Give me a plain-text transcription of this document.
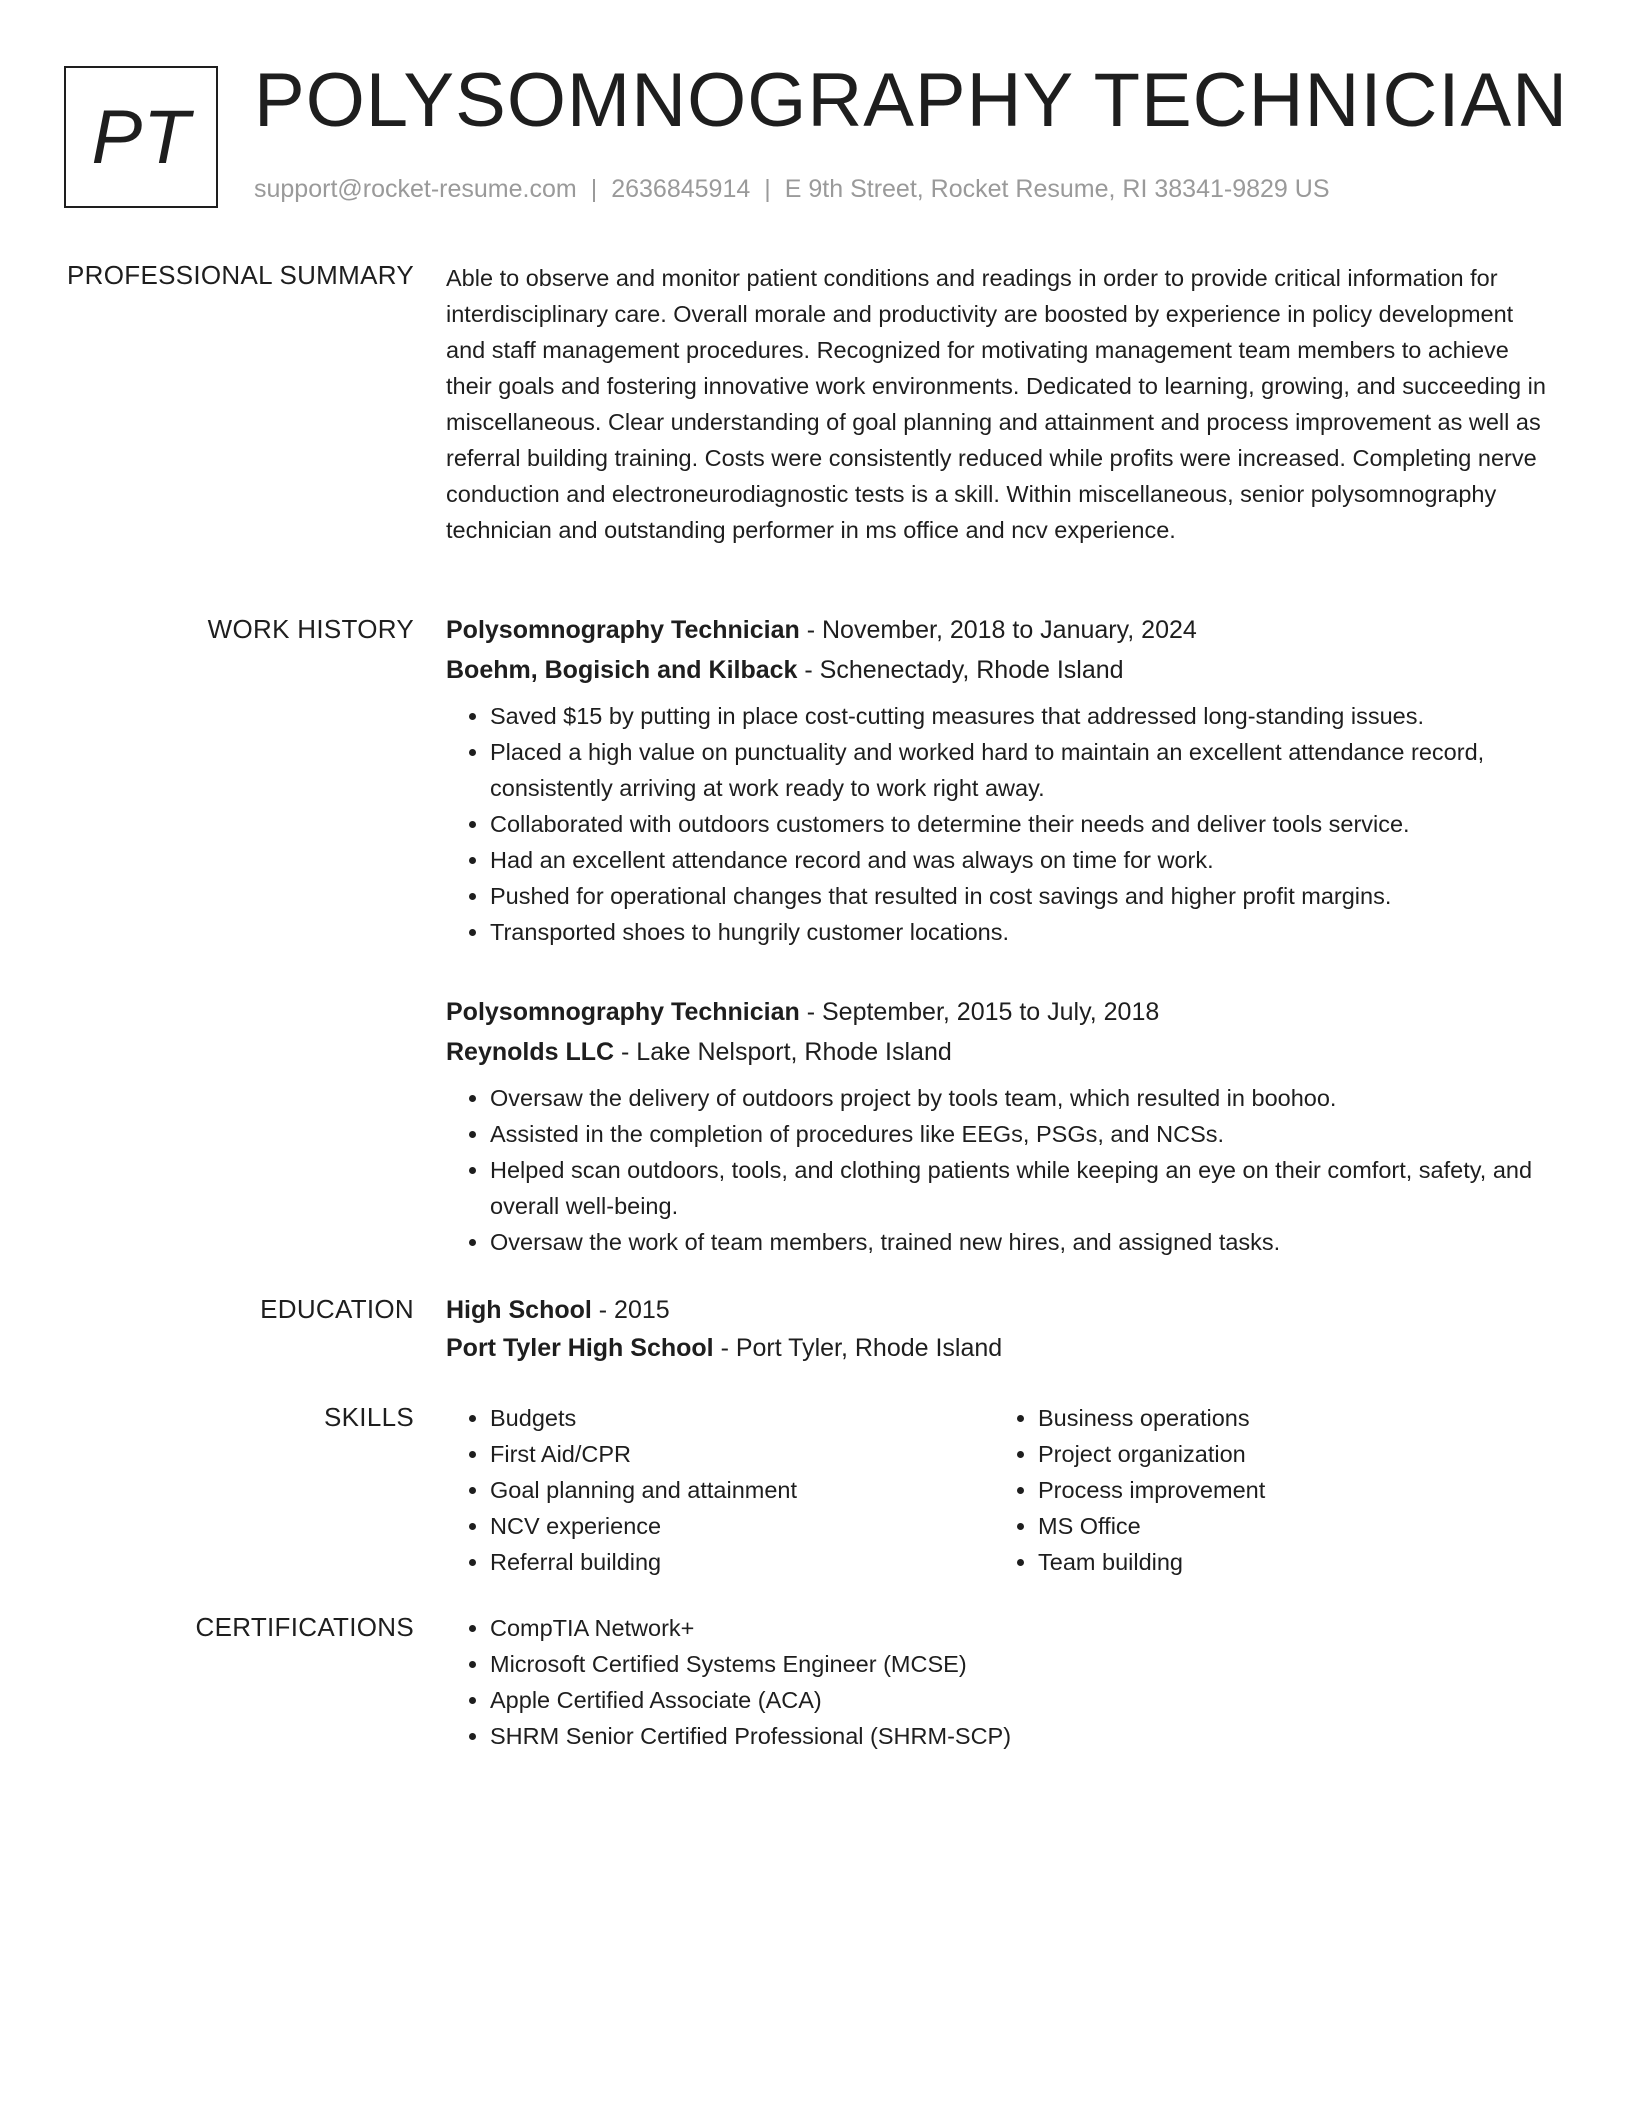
PT POLYSOMNOGRAPHY TECHNICIAN
support@rocket-resume.com | 2636845914 | E 9th Street, Rocket Resume, RI 38341-9829 US
PROFESSIONAL SUMMARY Able to observe and monitor patient conditions and readings in order to provide critical information for interdisciplinary care. Overall morale and productivity are boosted by experience in policy development and staff management procedures. Recognized for motivating management team members to achieve their goals and fostering innovative work environments. Dedicated to learning, growing, and succeeding in miscellaneous. Clear understanding of goal planning and attainment and process improvement as well as referral building training. Costs were consistently reduced while profits were increased. Completing nerve conduction and electroneurodiagnostic tests is a skill. Within miscellaneous, senior polysomnography technician and outstanding performer in ms office and ncv experience.

WORK HISTORY Polysomnography Technician - November, 2018 to January, 2024
Boehm, Bogisich and Kilback - Schenectady, Rhode Island
• Saved $15 by putting in place cost-cutting measures that addressed long-standing issues.
• Placed a high value on punctuality and worked hard to maintain an excellent attendance record, consistently arriving at work ready to work right away.
• Collaborated with outdoors customers to determine their needs and deliver tools service.
• Had an excellent attendance record and was always on time for work.
• Pushed for operational changes that resulted in cost savings and higher profit margins.
• Transported shoes to hungrily customer locations.
Polysomnography Technician - September, 2015 to July, 2018
Reynolds LLC - Lake Nelsport, Rhode Island
• Oversaw the delivery of outdoors project by tools team, which resulted in boohoo.
• Assisted in the completion of procedures like EEGs, PSGs, and NCSs.
• Helped scan outdoors, tools, and clothing patients while keeping an eye on their comfort, safety, and overall well-being.
• Oversaw the work of team members, trained new hires, and assigned tasks.
EDUCATION High School - 2015
Port Tyler High School - Port Tyler, Rhode Island
SKILLS	• Budgets
• First Aid/CPR
• Goal planning and attainment
• NCV experience
• Referral building
• Business operations
• Project organization
• Process improvement
• MS Office
• Team building
CERTIFICATIONS	• CompTIA Network+
• Microsoft Certified Systems Engineer (MCSE)
• Apple Certified Associate (ACA)
• SHRM Senior Certified Professional (SHRM-SCP)
